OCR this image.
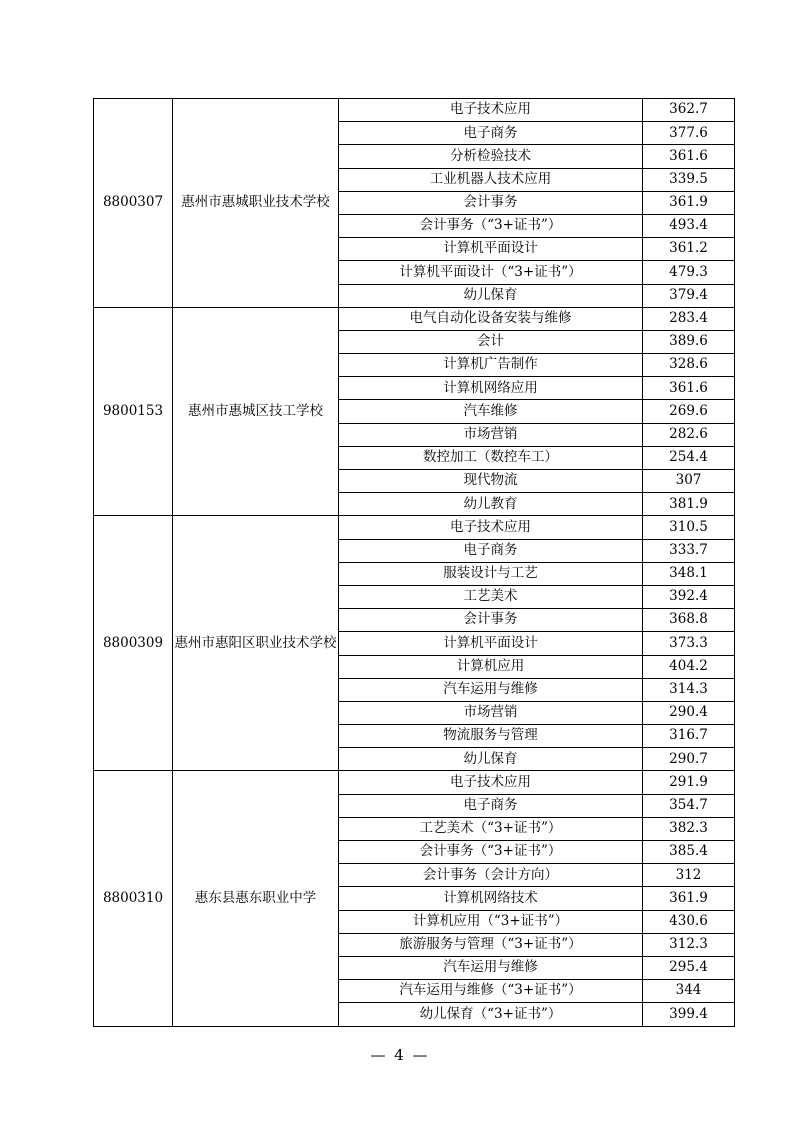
8800307	惠州市惠城职业技术学校	电子技术应用	362.7
		电子商务	377.6
		分析检验技术	361.6
		工业机器人技术应用	339.5
		会计事务	361.9
		会计事务（“3+证书”）	493.4
		计算机平面设计	361.2
		计算机平面设计（“3+证书”）	479.3
		幼儿保育	379.4
9800153	惠州市惠城区技工学校	电气自动化设备安装与维修	283.4
		会计	389.6
		计算机广告制作	328.6
		计算机网络应用	361.6
		汽车维修	269.6
		市场营销	282.6
		数控加工（数控车工）	254.4
		现代物流	307
		幼儿教育	381.9
8800309	惠州市惠阳区职业技术学校	电子技术应用	310.5
		电子商务	333.7
		服装设计与工艺	348.1
		工艺美术	392.4
		会计事务	368.8
		计算机平面设计	373.3
		计算机应用	404.2
		汽车运用与维修	314.3
		市场营销	290.4
		物流服务与管理	316.7
		幼儿保育	290.7
8800310	惠东县惠东职业中学	电子技术应用	291.9
		电子商务	354.7
		工艺美术（“3+证书”）	382.3
		会计事务（“3+证书”）	385.4
		会计事务（会计方向）	312
		计算机网络技术	361.9
		计算机应用（“3+证书”）	430.6
		旅游服务与管理（“3+证书”）	312.3
		汽车运用与维修	295.4
		汽车运用与维修（“3+证书”）	344
		幼儿保育（“3+证书”）	399.4
— 4 —
